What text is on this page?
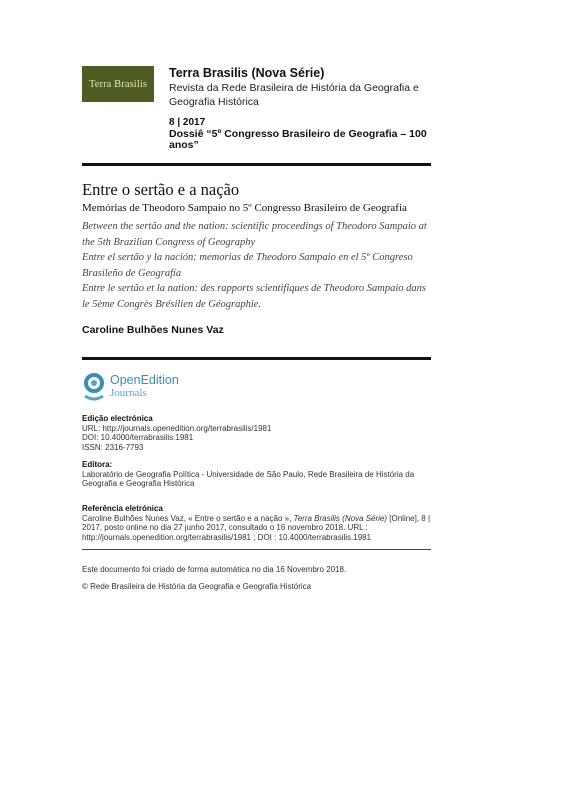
Terra Brasilis
Terra Brasilis (Nova Série)
Revista da Rede Brasileira de História da Geografia e Geografia Histórica
8 | 2017
Dossiê “5º Congresso Brasileiro de Geografia – 100 anos”
Entre o sertão e a nação
Memórias de Theodoro Sampaio no 5º Congresso Brasileiro de Geografia
Between the sertão and the nation: scientific proceedings of Theodoro Sampaio at the 5th Brazilian Congress of Geography
Entre el sertão y la nación: memorias de Theodoro Sampaio en el 5º Congreso Brasileño de Geografía
Entre le sertão et la nation: des rapports scientifiques de Theodoro Sampaio dans le 5ème Congrès Brésilien de Géographie.
Caroline Bulhões Nunes Vaz
OpenEdition
Journals
Edição electrónica
URL: http://journals.openedition.org/terrabrasilis/1981
DOI: 10.4000/terrabrasilis.1981
ISSN: 2316-7793
Editora:
Laboratório de Geografia Política - Universidade de São Paulo, Rede Brasileira de História da Geografia e Geografia Histórica
Referência eletrónica
Caroline Bulhões Nunes Vaz, « Entre o sertão e a nação », Terra Brasilis (Nova Série) [Online], 8 | 2017, posto online no dia 27 junho 2017, consultado o 16 novembro 2018. URL : http://journals.openedition.org/terrabrasilis/1981 ; DOI : 10.4000/terrabrasilis.1981
Este documento foi criado de forma automática no dia 16 Novembro 2018.
© Rede Brasileira de História da Geografia e Geografia Histórica
